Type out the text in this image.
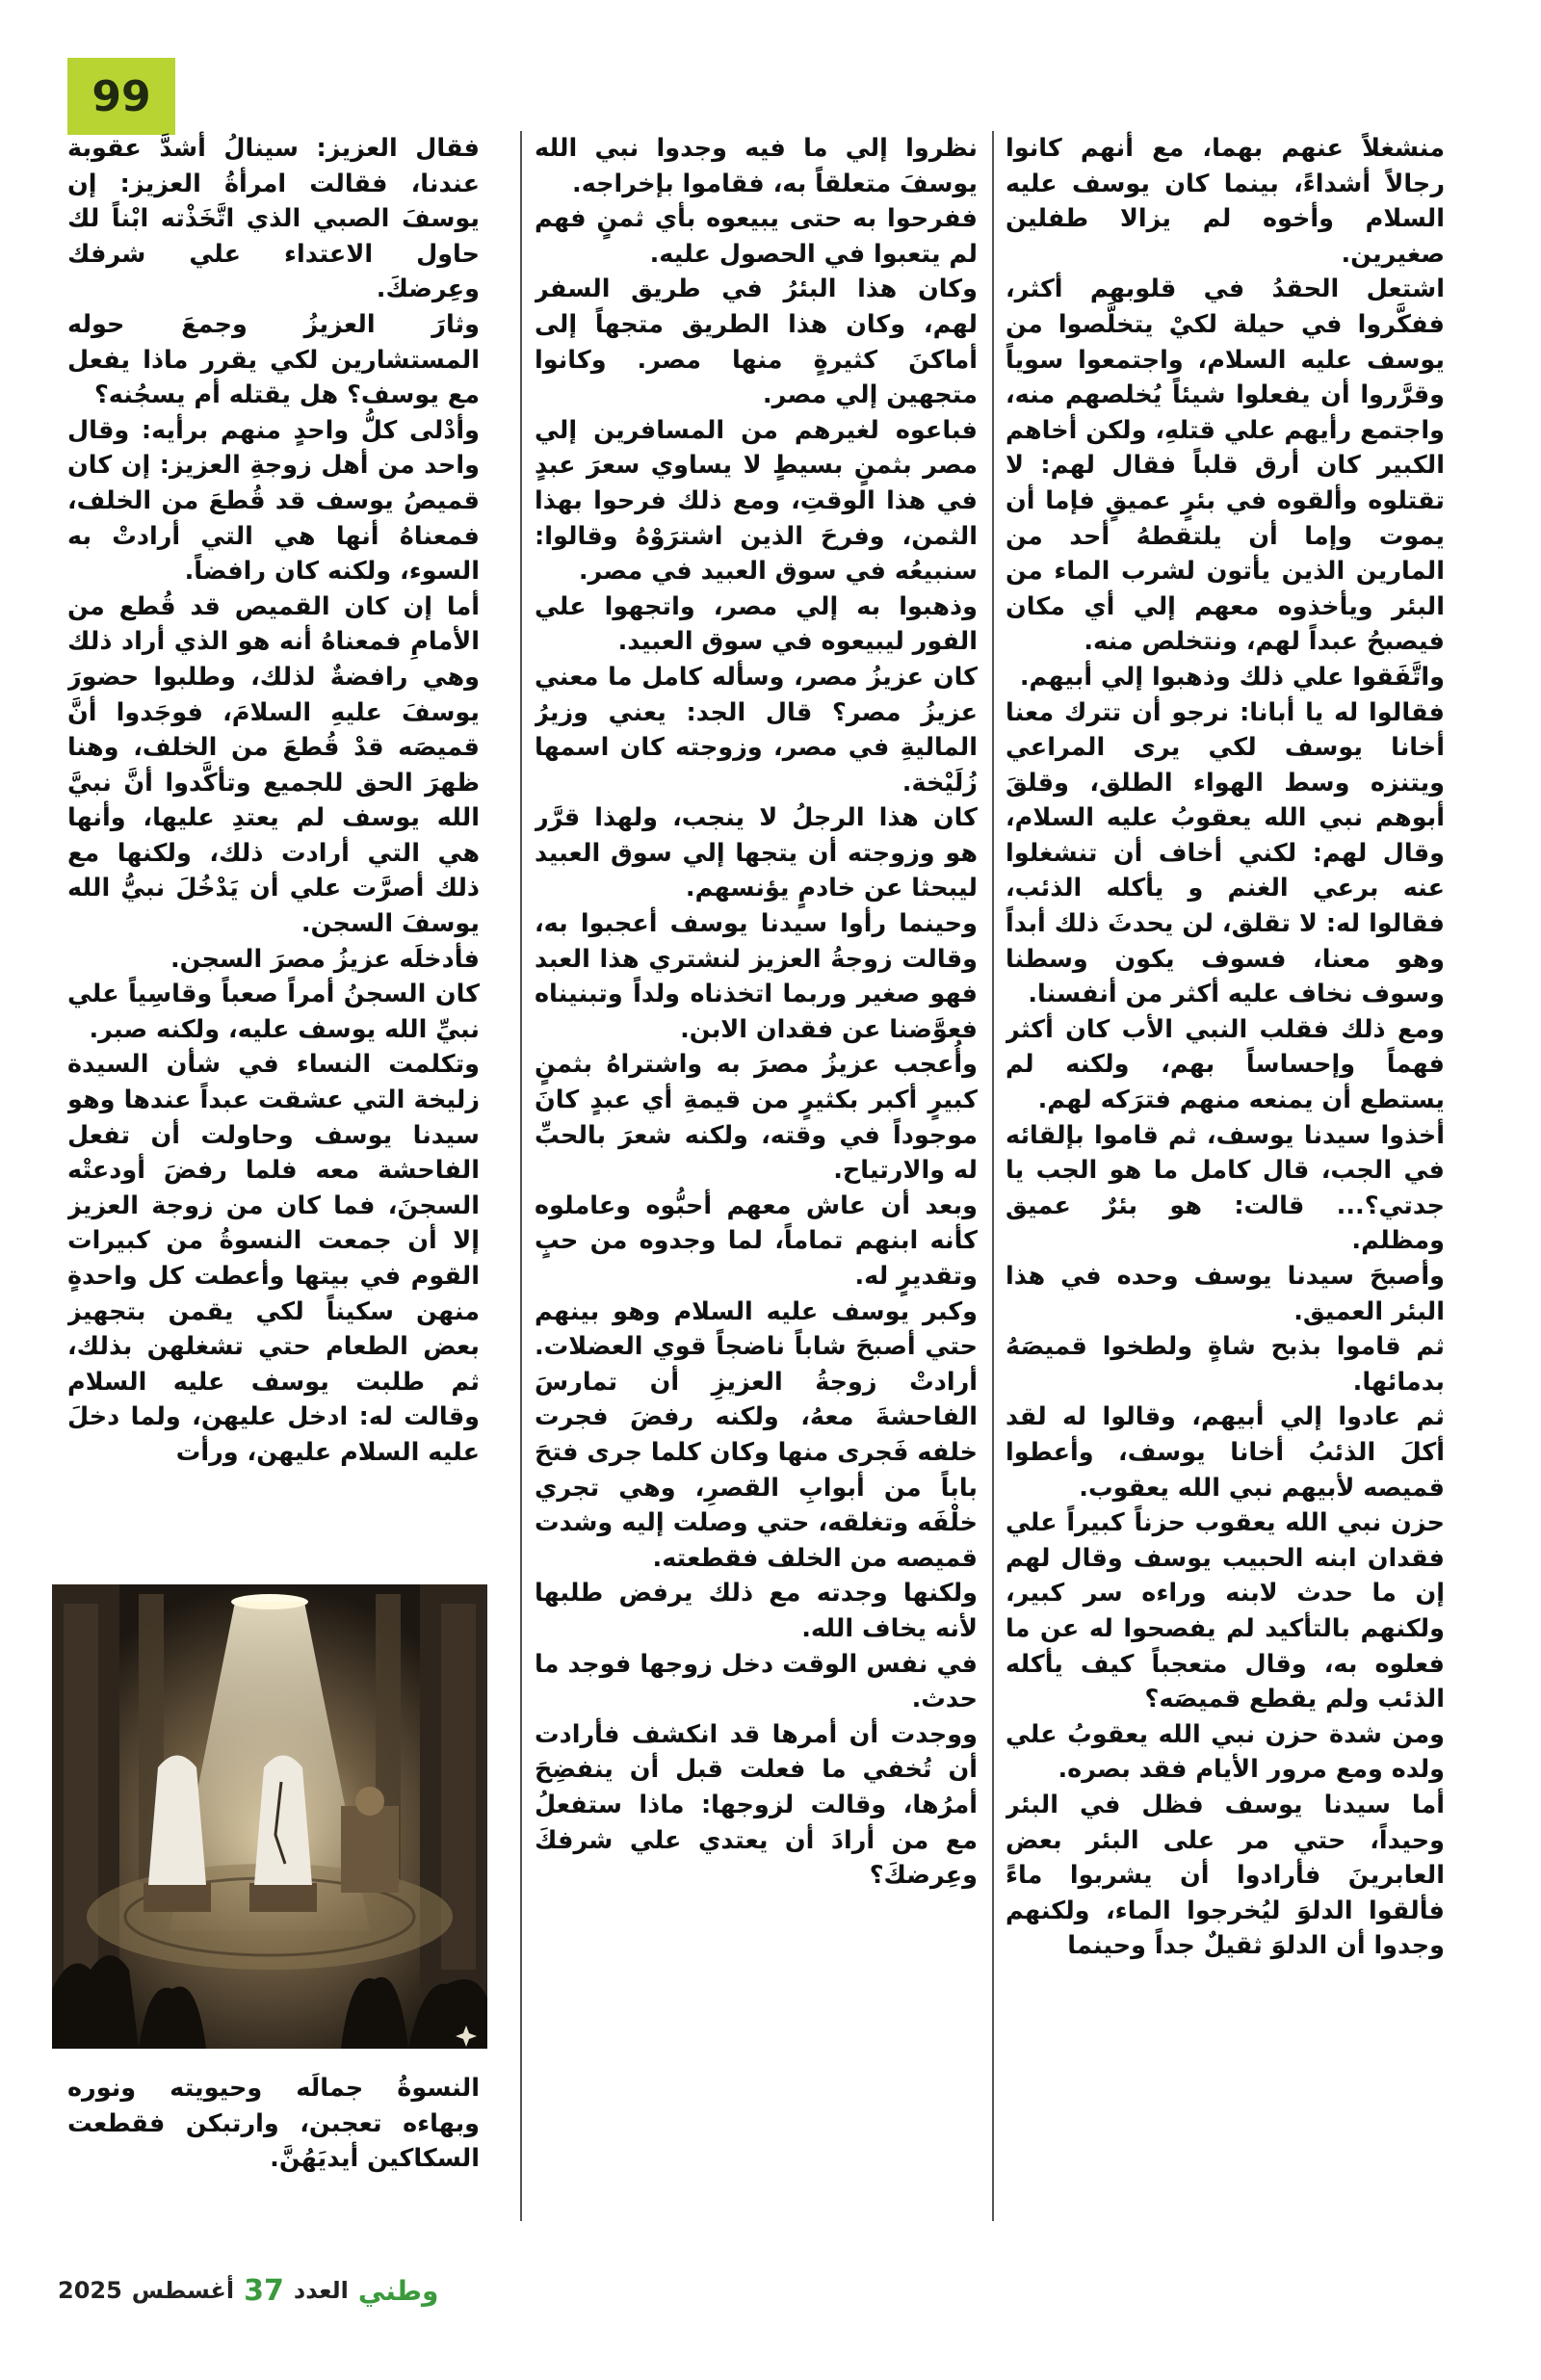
99

منشغلاً عنهم بهما، مع أنهم كانوا رجالاً أشداءً، بينما كان يوسف عليه السلام وأخوه لم يزالا طفلين صغيرين.

اشتعل الحقدُ في قلوبهم أكثر، ففكَّروا في حيلة لكيْ يتخلَّصوا من يوسف عليه السلام، واجتمعوا سوياً وقرَّروا أن يفعلوا شيئاً يُخلصهم منه، واجتمع رأيهم علي قتلهِ، ولكن أخاهم الكبير كان أرق قلباً فقال لهم: لا تقتلوه وألقوه في بئرٍ عميقٍ فإما أن يموت وإما أن يلتقطهُ أحد من المارين الذين يأتون لشرب الماء من البئر ويأخذوه معهم إلي أي مكان فيصبحُ عبداً لهم، ونتخلص منه.

واتَّفَقوا علي ذلك وذهبوا إلي أبيهم.

فقالوا له يا أبانا: نرجو أن تترك معنا أخانا يوسف لكي يرى المراعي ويتنزه وسط الهواء الطلق، وقلقَ أبوهم نبي الله يعقوبُ عليه السلام، وقال لهم: لكني أخاف أن تنشغلوا عنه برعي الغنم و يأكله الذئب، فقالوا له: لا تقلق، لن يحدثَ ذلك أبداً وهو معنا، فسوف يكون وسطنا وسوف نخاف عليه أكثر من أنفسنا.

ومع ذلك فقلب النبي الأب كان أكثر فهماً وإحساساً بهم، ولكنه لم يستطع أن يمنعه منهم فترَكه لهم.

أخذوا سيدنا يوسف، ثم قاموا بإلقائه في الجب، قال كامل ما هو الجب يا جدتي؟... قالت: هو بئرٌ عميق ومظلم.

وأصبحَ سيدنا يوسف وحده في هذا البئر العميق.

ثم قاموا بذبح شاةٍ ولطخوا قميصَهُ بدمائها.

ثم عادوا إلي أبيهم، وقالوا له لقد أكلَ الذئبُ أخانا يوسف، وأعطوا قميصه لأبيهم نبي الله يعقوب.

حزن نبي الله يعقوب حزناً كبيراً علي فقدان ابنه الحبيب يوسف وقال لهم إن ما حدث لابنه وراءه سر كبير، ولكنهم بالتأكيد لم يفصحوا له عن ما فعلوه به، وقال متعجباً كيف يأكله الذئب ولم يقطع قميصَه؟

ومن شدة حزن نبي الله يعقوبُ علي ولده ومع مرور الأيام فقد بصره.

أما سيدنا يوسف فظل في البئر وحيداً، حتي مر على البئر بعض العابرينَ فأرادوا أن يشربوا ماءً فألقوا الدلوَ ليُخرجوا الماء، ولكنهم وجدوا أن الدلوَ ثقيلٌ جداً وحينما

نظروا إلي ما فيه وجدوا نبي الله يوسفَ متعلقاً به، فقاموا بإخراجه.

ففرحوا به حتى يبيعوه بأي ثمنٍ فهم لم يتعبوا في الحصول عليه.

وكان هذا البئرُ في طريق السفر لهم، وكان هذا الطريق متجهاً إلى أماكنَ كثيرةٍ منها مصر. وكانوا متجهين إلي مصر.

فباعوه لغيرهم من المسافرين إلي مصر بثمنٍ بسيطٍ لا يساوي سعرَ عبدٍ في هذا الوقتِ، ومع ذلك فرحوا بهذا الثمن، وفرحَ الذين اشترَوْهُ وقالوا: سنبيعُه في سوق العبيد في مصر.

وذهبوا به إلي مصر، واتجهوا علي الفور ليبيعوه في سوق العبيد.

كان عزيزُ مصر، وسأله كامل ما معني عزيزُ مصر؟ قال الجد: يعني وزيرُ الماليةِ في مصر، وزوجته كان اسمها زُلَيْخة.

كان هذا الرجلُ لا ينجب، ولهذا قرَّر هو وزوجته أن يتجها إلي سوق العبيد ليبحثا عن خادمٍ يؤنسهم.

وحينما رأوا سيدنا يوسف أعجبوا به، وقالت زوجةُ العزيز لنشتري هذا العبد فهو صغير وربما اتخذناه ولداً وتبنيناه فعوَّضنا عن فقدان الابن.

وأُعجب عزيزُ مصرَ به واشتراهُ بثمنٍ كبيرٍ أكبر بكثيرٍ من قيمةِ أي عبدٍ كانَ موجوداً في وقته، ولكنه شعرَ بالحبِّ له والارتياح.

وبعد أن عاش معهم أحبُّوه وعاملوه كأنه ابنهم تماماً، لما وجدوه من حبٍ وتقديرٍ له.

وكبر يوسف عليه السلام وهو بينهم حتي أصبحَ شاباً ناضجاً قوي العضلات. أرادتْ زوجةُ العزيزِ أن تمارسَ الفاحشةَ معهُ، ولكنه رفضَ فجرت خلفه فَجرى منها وكان كلما جرى فتحَ باباً من أبوابِ القصرِ، وهي تجري خلْفَه وتغلقه، حتي وصلت إليه وشدت قميصه من الخلف فقطعته.

ولكنها وجدته مع ذلك يرفض طلبها لأنه يخاف الله.

في نفس الوقت دخل زوجها فوجد ما حدث.

ووجدت أن أمرها قد انكشف فأرادت أن تُخفي ما فعلت قبل أن ينفضِحَ أمرُها، وقالت لزوجها: ماذا ستفعلُ مع من أرادَ أن يعتدي علي شرفكَ وعِرضكَ؟

فقال العزيز: سينالُ أشدَّ عقوبة عندنا، فقالت امرأةُ العزيز: إن يوسفَ الصبي الذي اتَّخَذْته ابْناً لك حاول الاعتداء علي شرفك وعِرضكَ.

وثارَ العزيزُ وجمعَ حوله المستشارين لكي يقرر ماذا يفعل مع يوسف؟ هل يقتله أم يسجُنه؟

وأدْلى كلُّ واحدٍ منهم برأيه: وقال واحد من أهل زوجةِ العزيز: إن كان قميصُ يوسف قد قُطعَ من الخلف، فمعناهُ أنها هي التي أرادتْ به السوء، ولكنه كان رافضاً.

أما إن كان القميص قد قُطع من الأمامِ فمعناهُ أنه هو الذي أراد ذلك وهي رافضةٌ لذلك، وطلبوا حضورَ يوسفَ عليهِ السلامَ، فوجَدوا أنَّ قميصَه قدْ قُطعَ من الخلف، وهنا ظهرَ الحق للجميع وتأكَّدوا أنَّ نبيَّ الله يوسف لم يعتدِ عليها، وأنها هي التي أرادت ذلك، ولكنها مع ذلك أصرَّت علي أن يَدْخُلَ نبيُّ الله يوسفَ السجن.

فأدخلَه عزيزُ مصرَ السجن.

كان السجنُ أمراً صعباً وقاسِياً علي نبيِّ الله يوسف عليه، ولكنه صبر.

وتكلمت النساء في شأن السيدة زليخة التي عشقت عبداً عندها وهو سيدنا يوسف وحاولت أن تفعل الفاحشة معه فلما رفضَ أودعتْه السجنَ، فما كان من زوجة العزيز إلا أن جمعت النسوةُ من كبيرات القوم في بيتها وأعطت كل واحدةٍ منهن سكيناً لكي يقمن بتجهيز بعض الطعام حتي تشغلهن بذلك، ثم طلبت يوسف عليه السلام وقالت له: ادخل عليهن، ولما دخلَ عليه السلام عليهن، ورأت

النسوةُ جمالَه وحيويته ونوره وبهاءه تعجبن، وارتبكن فقطعت السكاكين أيديَهُنَّ.

2025 أغسطس 37 العدد وطني
